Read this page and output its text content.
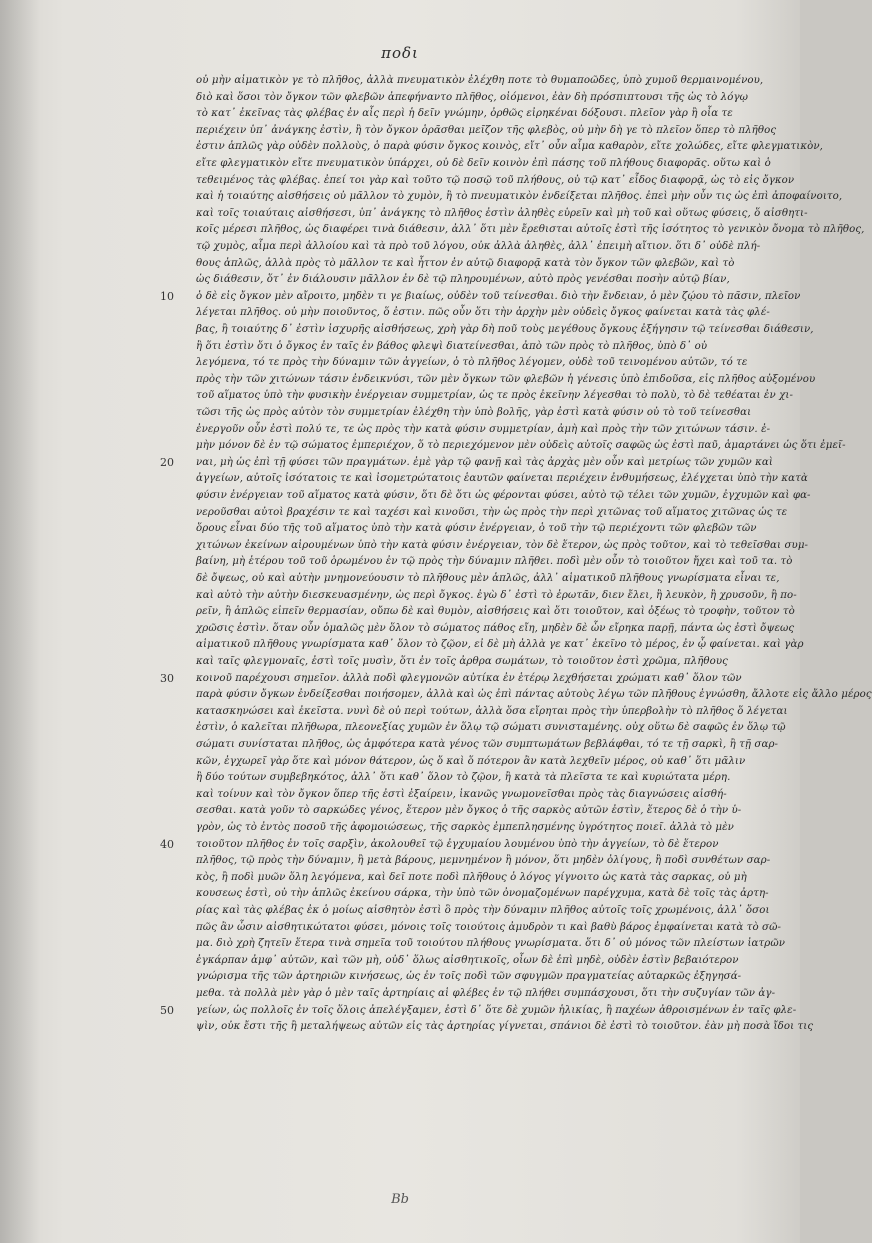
ποδι
οὐ μὴν αἱματικὸν γε τὸ πλῆθος, ἀλλὰ πνευματικὸν ἐλέχθη ποτε τὸ θυμαποῶδες, ὑπὸ χυμοῦ θερμαινομένου,
διὸ καὶ ὅσοι τὸν ὄγκον τῶν φλεβῶν ἀπεφήναντο πλῆθος, οἰόμενοι, ἐὰν δὴ πρόσπιπτουσι τῆς ὡς τὸ λόγῳ
τὸ κατ᾽ ἐκεῖνας τὰς φλέβας ἐν αἷς περὶ ἡ δεῖν γνώμην, ὀρθῶς εἰρηκέναι δόξουσι. πλεῖον γὰρ ἢ οἷα τε
περιέχειν ὑπ᾽ ἀνάγκης ἐστὶν, ἢ τὸν ὄγκον ὁρᾶσθαι μεῖζον τῆς φλεβὸς, οὐ μὴν δὴ γε τὸ πλεῖον ὅπερ τὸ πλῆθος
ἐστιν ἁπλῶς γὰρ οὐδὲν πολλοὺς, ὁ παρὰ φύσιν ὄγκος κοινὸς, εἴτ᾽ οὖν αἷμα καθαρὸν, εἴτε χολώδες, εἴτε φλεγματικὸν,
εἴτε φλεγματικὸν εἴτε πνευματικὸν ὑπάρχει, οὐ δὲ δεῖν κοινὸν ἐπὶ πάσης τοῦ πλήθους διαφορᾶς. οὕτω καὶ ὁ
τεθειμένος τὰς φλέβας. ἐπεί τοι γὰρ καὶ τοῦτο τῷ ποσῷ τοῦ πλήθους, οὐ τῷ κατ᾽ εἶδος διαφορᾷ, ὡς τὸ εἰς ὄγκον
καὶ ἡ τοιαύτης αἰσθήσεις οὐ μᾶλλον τὸ χυμὸν, ἢ τὸ πνευματικὸν ἐνδείξεται πλῆθος. ἐπεὶ μὴν οὖν τις ὡς ἐπὶ ἀποφαίνοιτο,
καὶ τοῖς τοιαύταις αἰσθήσεσι, ὑπ᾽ ἀνάγκης τὸ πλῆθος ἐστὶν ἀληθὲς εὑρεῖν καὶ μὴ τοῦ καὶ οὕτως φύσεις, ὅ αἰσθητι-
κοῖς μέρεσι πλῆθος, ὡς διαφέρει τινὰ διάθεσιν, ἀλλ᾽ ὅτι μὲν ἔρεθισται αὐτοῖς ἐστὶ τῆς ἰσότητος τὸ γενικὸν ὄνομα τὸ πλῆθος,
τῷ χυμὸς, αἷμα περὶ ἁλλοίου καὶ τὰ πρὸ τοῦ λόγου, οὐκ ἀλλὰ ἀληθὲς, ἀλλ᾽ ἐπειμὴ αἴτιον. ὅτι δ᾽ οὐδὲ πλή-
θους ἁπλῶς, ἀλλὰ πρὸς τὸ μᾶλλον τε καὶ ἧττον ἐν αὐτῷ διαφορᾷ κατὰ τὸν ὄγκον τῶν φλεβῶν, καὶ τὸ
ὡς διάθεσιν, ὅτ᾽ ἐν διάλουσιν μᾶλλον ἐν δὲ τῷ πληρουμένων, αὐτὸ πρὸς γενέσθαι ποσὴν αὐτῷ βίαν,
ὁ δὲ εἰς ὄγκον μὲν αἴροιτο, μηδὲν τι γε βιαίως, οὐδὲν τοῦ τείνεσθαι. διὸ τὴν ἔνδειαν, ὁ μὲν ζῴου τὸ πᾶσιν, πλεῖον
λέγεται πλῆθος. οὐ μὴν ποιοῦντος, ὅ ἐστιν. πῶς οὖν ὅτι τὴν ἀρχὴν μὲν οὐδεὶς ὄγκος φαίνεται κατὰ τὰς φλέ-
βας, ἢ τοιαύτης δ᾽ ἐστὶν ἰσχυρῆς αἰσθήσεως, χρὴ γὰρ δὴ ποῦ τοὺς μεγέθους ὄγκους ἐξήγησιν τῷ τείνεσθαι διάθεσιν,
ἢ ὅτι ἐστὶν ὅτι ὁ ὄγκος ἐν ταῖς ἐν βάθος φλεψὶ διατείνεσθαι, ἀπὸ τῶν πρὸς τὸ πλῆθος, ὑπὸ δ᾽ οὐ
λεγόμενα, τό τε πρὸς τὴν δύναμιν τῶν ἀγγείων, ὁ τὸ πλῆθος λέγομεν, οὐδὲ τοῦ τεινομένου αὐτῶν, τό τε
πρὸς τὴν τῶν χιτώνων τάσιν ἐνδεικνύσι, τῶν μὲν ὄγκων τῶν φλεβῶν ἡ γένεσις ὑπὸ ἐπιδοῦσα, εἰς πλῆθος αὐξομένου
τοῦ αἵματος ὑπὸ τὴν φυσικὴν ἐνέργειαν συμμετρίαν, ὡς τε πρὸς ἐκεῖνην λέγεσθαι τὸ πολὺ, τὸ δὲ τεθέαται ἐν χι-
τῶσι τῆς ὡς πρὸς αὐτὸν τὸν συμμετρίαν ἐλέχθη τὴν ὑπὸ βολῆς, γὰρ ἐστὶ κατὰ φύσιν οὐ τὸ τοῦ τείνεσθαι
ἐνεργοῦν οὖν ἐστὶ πολύ τε, τε ὡς πρὸς τὴν κατὰ φύσιν συμμετρίαν, ἀμὴ καὶ πρὸς τὴν τῶν χιτώνων τάσιν. ἐ-
μὴν μόνον δὲ ἐν τῷ σώματος ἐμπεριέχον, ὅ τὸ περιεχόμενον μὲν οὐδεὶς αὐτοῖς σαφῶς ὡς ἐστὶ παῦ, ἁμαρτάνει ὡς ὅτι ἐμεῖ-
ναι, μὴ ὡς ἐπὶ τῇ φύσει τῶν πραγμάτων. ἐμὲ γὰρ τῷ φανῇ καὶ τὰς ἀρχὰς μὲν οὖν καὶ μετρίως τῶν χυμῶν καὶ
ἀγγείων, αὐτοῖς ἰσότατοις τε καὶ ἰσομετρώτατοις ἑαυτῶν φαίνεται περιέχειν ἐνθυμήσεως, ἐλέγχεται ὑπὸ τὴν κατὰ
φύσιν ἐνέργειαν τοῦ αἵματος κατὰ φύσιν, ὅτι δὲ ὅτι ὡς φέρονται φύσει, αὐτὸ τῷ τέλει τῶν χυμῶν, ἐγχυμῶν καὶ φα-
νεροῦσθαι αὐτοὶ βραχέσιν τε καὶ ταχέσι καὶ κινοῦσι, τὴν ὡς πρὸς τὴν περὶ χιτῶνας τοῦ αἵματος χιτῶνας ὡς τε
ὅρους εἶναι δύο τῆς τοῦ αἵματος ὑπὸ τὴν κατὰ φύσιν ἐνέργειαν, ὁ τοῦ τὴν τῷ περιέχοντι τῶν φλεβῶν τῶν
χιτώνων ἐκείνων αἱρουμένων ὑπὸ τὴν κατὰ φύσιν ἐνέργειαν, τὸν δὲ ἕτερον, ὡς πρὸς τοῦτον, καὶ τὸ τεθεῖσθαι συμ-
βαίνη, μὴ ἑτέρου τοῦ τοῦ ὁρωμένου ἐν τῷ πρὸς τὴν δύναμιν πλῆθει. ποδὶ μὲν οὖν τὸ τοιοῦτον ἤχει καὶ τοῦ τα. τὸ
δὲ ὄψεως, οὐ καὶ αὐτὴν μνημονεύουσιν τὸ πλῆθους μὲν ἁπλῶς, ἀλλ᾽ αἱματικοῦ πλῆθους γνωρίσματα εἶναι τε,
καὶ αὐτὸ τὴν αὐτὴν διεσκευασμένην, ὡς περὶ ὄγκος. ἐγὼ δ᾽ ἐστὶ τὸ ἐρωτᾶν, διεν ἔλει, ἢ λευκὸν, ἢ χρυσοῦν, ἢ πο-
ρεῖν, ἢ ἁπλῶς εἰπεῖν θερμασίαν, οὔπω δὲ καὶ θυμὸν, αἰσθήσεις καὶ ὅτι τοιοῦτον, καὶ ὀξέως τὸ τροφὴν, τοῦτον τὸ
χρῶσις ἐστὶν. ὅταν οὖν ὁμαλῶς μὲν ὅλον τὸ σώματος πάθος εἴη, μηδὲν δὲ ὧν εἴρηκα παρῇ, πάντα ὡς ἐστὶ ὄψεως
αἱματικοῦ πλῆθους γνωρίσματα καθ᾽ ὅλον τὸ ζῷον, εἰ δὲ μὴ ἀλλὰ γε κατ᾽ ἐκεῖνο τὸ μέρος, ἐν ᾧ φαίνεται. καὶ γὰρ
καὶ ταῖς φλεγμοναῖς, ἐστὶ τοῖς μυσὶν, ὅτι ἐν τοῖς ἀρθρα σωμάτων, τὸ τοιοῦτον ἐστὶ χρῶμα, πλῆθους
κοινοῦ παρέχουσι σημεῖον. ἀλλὰ ποδὶ φλεγμονῶν αὐτίκα ἐν ἑτέρῳ λεχθήσεται χρώματι καθ᾽ ὅλον τῶν
παρὰ φύσιν ὄγκων ἐνδείξεσθαι ποιήσομεν, ἀλλὰ καὶ ὡς ἐπὶ πάντας αὐτοὺς λέγω τῶν πλῆθους ἐγνώσθη, ἄλλοτε εἰς ἄλλο μέρος
κατασκηνώσει καὶ ἐκεῖστα. νυνὶ δὲ οὐ περὶ τούτων, ἀλλὰ ὅσα εἴρηται πρὸς τὴν ὑπερβολὴν τὸ πλῆθος ὅ λέγεται
ἐστὶν, ὁ καλεῖται πλῆθωρα, πλεονεξίας χυμῶν ἐν ὅλῳ τῷ σώματι συνισταμένης. οὐχ οὕτω δὲ σαφῶς ἐν ὅλῳ τῷ
σώματι συνίσταται πλῆθος, ὡς ἀμφότερα κατὰ γένος τῶν συμπτωμάτων βεβλάφθαι, τό τε τῇ σαρκὶ, ἢ τῇ σαρ-
κῶν, ἐγχωρεῖ γὰρ ὅτε καὶ μόνον θάτερον, ὡς ὅ καὶ ὅ πότερον ἂν κατὰ λεχθεῖν μέρος, οὐ καθ᾽ ὅτι μᾶλιν
ἢ δύο τούτων συμβεβηκότος, ἀλλ᾽ ὅτι καθ᾽ ὅλον τὸ ζῷον, ἢ κατὰ τὰ πλεῖστα τε καὶ κυριώτατα μέρη.
καὶ τοίνυν καὶ τὸν ὄγκον ὅπερ τῆς ἐστὶ ἐξαίρειν, ἱκανῶς γνωμονεῖσθαι πρὸς τὰς διαγνώσεις αἰσθή-
σεσθαι. κατὰ γοῦν τὸ σαρκώδες γένος, ἕτερον μὲν ὄγκος ὁ τῆς σαρκὸς αὐτῶν ἐστὶν, ἕτερος δὲ ὁ τὴν ὑ-
γρὸν, ὡς τὸ ἐντὸς ποσοῦ τῆς ἀφομοιώσεως, τῆς σαρκὸς ἐμπεπλησμένης ὑγρότητος ποιεῖ. ἀλλὰ τὸ μὲν
τοιοῦτον πλῆθος ἐν τοῖς σαρξὶν, ἀκολουθεῖ τῷ ἐγχυμαίου λουμένου ὑπὸ τὴν ἀγγείων, τὸ δὲ ἕτερον
πλῆθος, τῷ πρὸς τὴν δύναμιν, ἢ μετὰ βάρους, μεμνημένον ἢ μόνον, ὅτι μηδὲν ὀλίγους, ἢ ποδὶ συνθέτων σαρ-
κὸς, ἢ ποδὶ μυῶν ὅλη λεγόμενα, καὶ δεῖ ποτε ποδὶ πλῆθους ὁ λόγος γίγνοιτο ὡς κατὰ τὰς σαρκας, οὐ μὴ
κουσεως ἐστὶ, οὐ τὴν ἁπλῶς ἐκείνου σάρκα, τὴν ὑπὸ τῶν ὀνομαζομένων παρέγχυμα, κατὰ δὲ τοῖς τὰς ἀρτη-
ρίας καὶ τὰς φλέβας ἐκ ὁ μοίως αἰσθητὸν ἐστὶ ὃ πρὸς τὴν δύναμιν πλῆθος αὐτοῖς τοῖς χρωμένοις, ἀλλ᾽ ὅσοι
πῶς ἂν ὦσιν αἰσθητικώτατοι φύσει, μόνοις τοῖς τοιούτοις ἀμυδρὸν τι καὶ βαθὺ βάρος ἐμφαίνεται κατὰ τὸ σῶ-
μα. διὸ χρὴ ζητεῖν ἕτερα τινὰ σημεῖα τοῦ τοιούτου πλήθους γνωρίσματα. ὅτι δ᾽ οὐ μόνος τῶν πλείστων ἰατρῶν
ἐγκάρπαν ἀμφ᾽ αὐτῶν, καὶ τῶν μὴ, οὐδ᾽ ὅλως αἰσθητικοῖς, οἷων δὲ ἐπὶ μηδὲ, οὐδὲν ἐστὶν βεβαιότερον
γνώρισμα τῆς τῶν ἀρτηριῶν κινήσεως, ὡς ἐν τοῖς ποδὶ τῶν σφυγμῶν πραγματείας αὐταρκῶς ἐξηγησά-
μεθα. τὰ πολλὰ μὲν γὰρ ὁ μὲν ταῖς ἀρτηρίαις αἱ φλέβες ἐν τῷ πλήθει συμπάσχουσι, ὅτι τὴν συζυγίαν τῶν ἀγ-
γείων, ὡς πολλοῖς ἐν τοῖς ὅλοις ἀπελέγξαμεν, ἐστὶ δ᾽ ὅτε δὲ χυμῶν ἡλικίας, ἢ παχέων ἀθροισμένων ἐν ταῖς φλε-
ψὶν, οὐκ ἔστι τῆς ἢ μεταλήψεως αὐτῶν εἰς τὰς ἀρτηρίας γίγνεται, σπάνιοι δὲ ἐστὶ τὸ τοιοῦτον. ἐὰν μὴ ποσὰ ἴδοι τις
10
20
30
40
50
Bb
